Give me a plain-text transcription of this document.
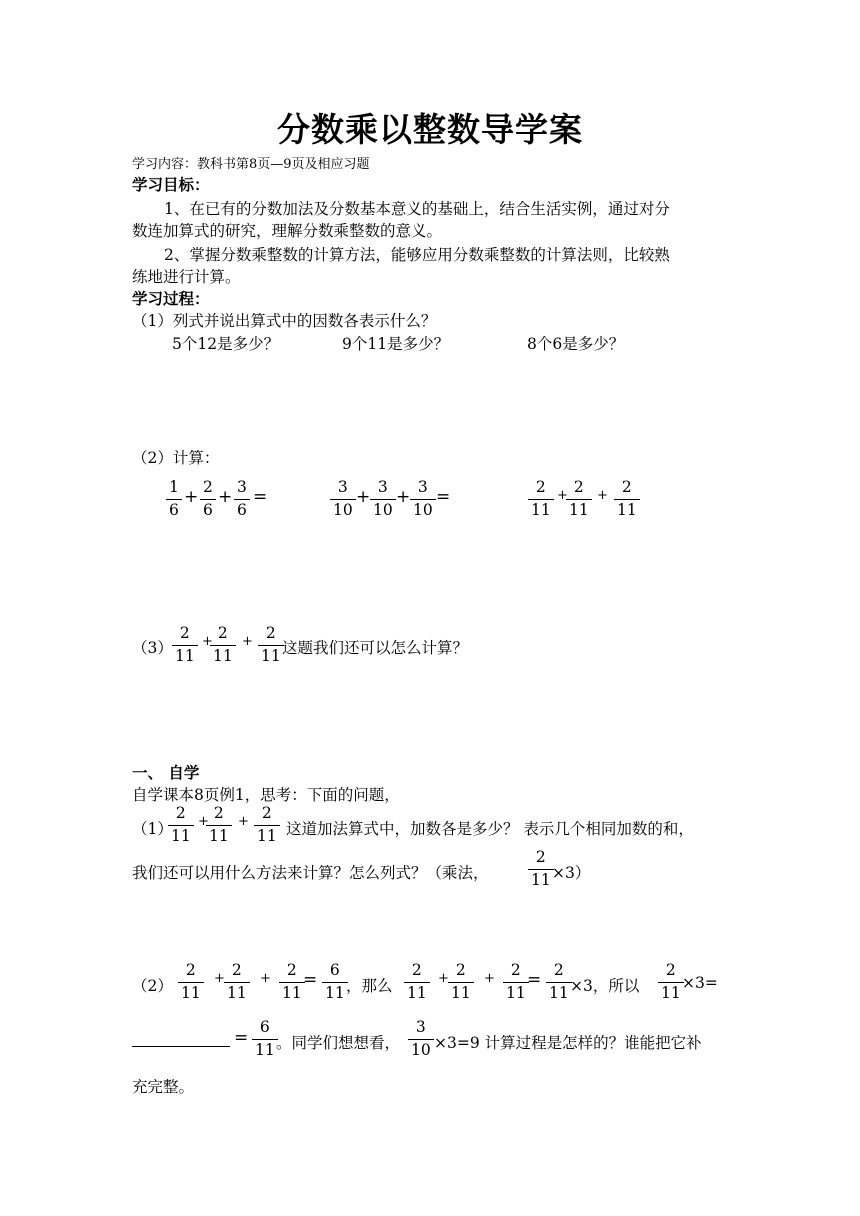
分数乘以整数导学案
学习内容：教科书第8页—9页及相应习题
学习目标：
1、在已有的分数加法及分数基本意义的基础上，结合生活实例，通过对分
数连加算式的研究，理解分数乘整数的意义。
2、掌握分数乘整数的计算方法，能够应用分数乘整数的计算法则，比较熟
练地进行计算。
学习过程：
（1）列式并说出算式中的因数各表示什么？
5个12是多少？	9个11是多少？	8个6是多少？
（2）计算：
1
6
+ 2
6
+ 3
6
=	3
10
+ 3
10
+ 3
10
=	2
11
+ 2
11
+ 2
11
（3）
2
11
+ 2
11
+ 2
11 这题我们还可以怎么计算？
一、 自学
自学课本8页例1，思考：下面的问题，
（1）
2
11
+ 2
11
+ 2
11 这道加法算式中，加数各是多少？ 表示几个相同加数的和，
我们还可以用什么方法来计算？怎么列式？（乘法，
2
11 ×3）
（2）
2
11
+ 2
11
+ 2
11
= 6
11 ，那么
2
11
+ 2
11
+ 2
11
= 2
11 ×3，所以
2
11
×3=
=
6
11 。同学们想想看，
3
10 ×3=9 计算过程是怎样的？谁能把它补
充完整。
